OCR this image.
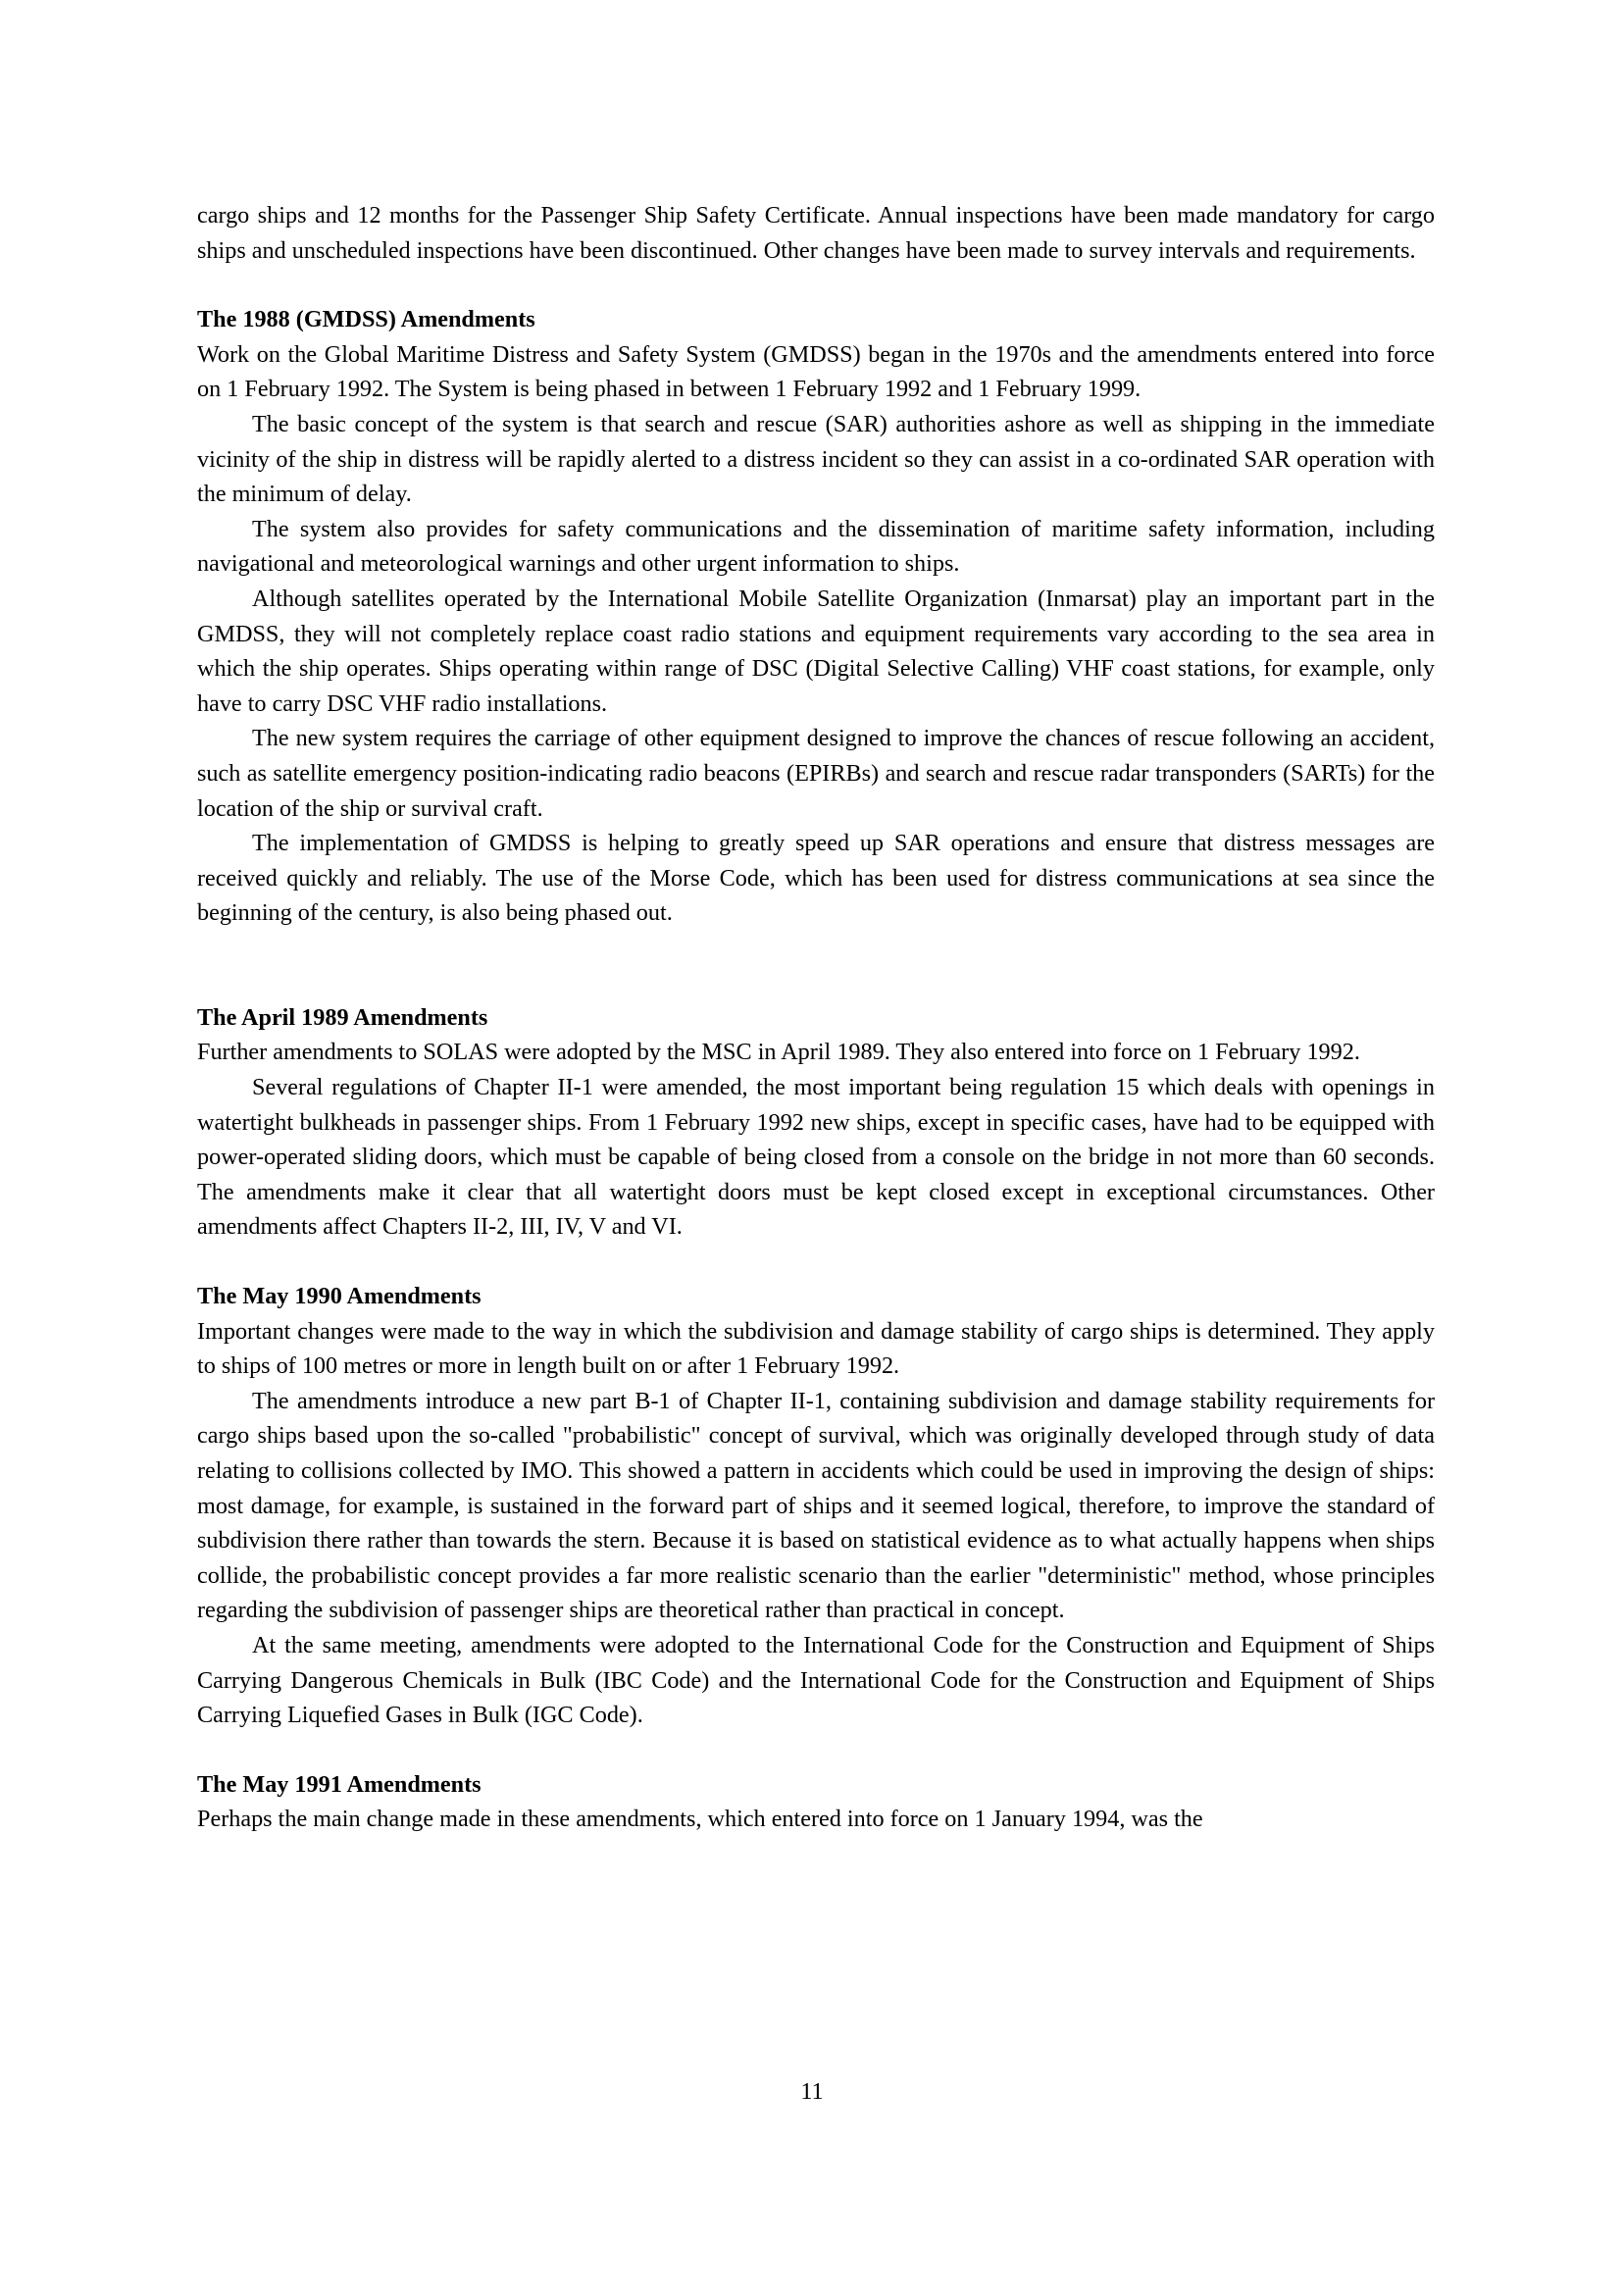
cargo ships and 12 months for the Passenger Ship Safety Certificate. Annual inspections have been made mandatory for cargo ships and unscheduled inspections have been discontinued. Other changes have been made to survey intervals and requirements.

The 1988 (GMDSS) Amendments

Work on the Global Maritime Distress and Safety System (GMDSS) began in the 1970s and the amendments entered into force on 1 February 1992. The System is being phased in between 1 February 1992 and 1 February 1999.

The basic concept of the system is that search and rescue (SAR) authorities ashore as well as shipping in the immediate vicinity of the ship in distress will be rapidly alerted to a distress incident so they can assist in a co-ordinated SAR operation with the minimum of delay.

The system also provides for safety communications and the dissemination of maritime safety information, including navigational and meteorological warnings and other urgent information to ships.

Although satellites operated by the International Mobile Satellite Organization (Inmarsat) play an important part in the GMDSS, they will not completely replace coast radio stations and equipment requirements vary according to the sea area in which the ship operates. Ships operating within range of DSC (Digital Selective Calling) VHF coast stations, for example, only have to carry DSC VHF radio installations.

The new system requires the carriage of other equipment designed to improve the chances of rescue following an accident, such as satellite emergency position-indicating radio beacons (EPIRBs) and search and rescue radar transponders (SARTs) for the location of the ship or survival craft.

The implementation of GMDSS is helping to greatly speed up SAR operations and ensure that distress messages are received quickly and reliably. The use of the Morse Code, which has been used for distress communications at sea since the beginning of the century, is also being phased out.

The April 1989 Amendments

Further amendments to SOLAS were adopted by the MSC in April 1989. They also entered into force on 1 February 1992.

Several regulations of Chapter II-1 were amended, the most important being regulation 15 which deals with openings in watertight bulkheads in passenger ships. From 1 February 1992 new ships, except in specific cases, have had to be equipped with power-operated sliding doors, which must be capable of being closed from a console on the bridge in not more than 60 seconds. The amendments make it clear that all watertight doors must be kept closed except in exceptional circumstances. Other amendments affect Chapters II-2, III, IV, V and VI.

The May 1990 Amendments

Important changes were made to the way in which the subdivision and damage stability of cargo ships is determined. They apply to ships of 100 metres or more in length built on or after 1 February 1992.

The amendments introduce a new part B-1 of Chapter II-1, containing subdivision and damage stability requirements for cargo ships based upon the so-called "probabilistic" concept of survival, which was originally developed through study of data relating to collisions collected by IMO. This showed a pattern in accidents which could be used in improving the design of ships: most damage, for example, is sustained in the forward part of ships and it seemed logical, therefore, to improve the standard of subdivision there rather than towards the stern. Because it is based on statistical evidence as to what actually happens when ships collide, the probabilistic concept provides a far more realistic scenario than the earlier "deterministic" method, whose principles regarding the subdivision of passenger ships are theoretical rather than practical in concept.

At the same meeting, amendments were adopted to the International Code for the Construction and Equipment of Ships Carrying Dangerous Chemicals in Bulk (IBC Code) and the International Code for the Construction and Equipment of Ships Carrying Liquefied Gases in Bulk (IGC Code).

The May 1991 Amendments

Perhaps the main change made in these amendments, which entered into force on 1 January 1994, was the

11
